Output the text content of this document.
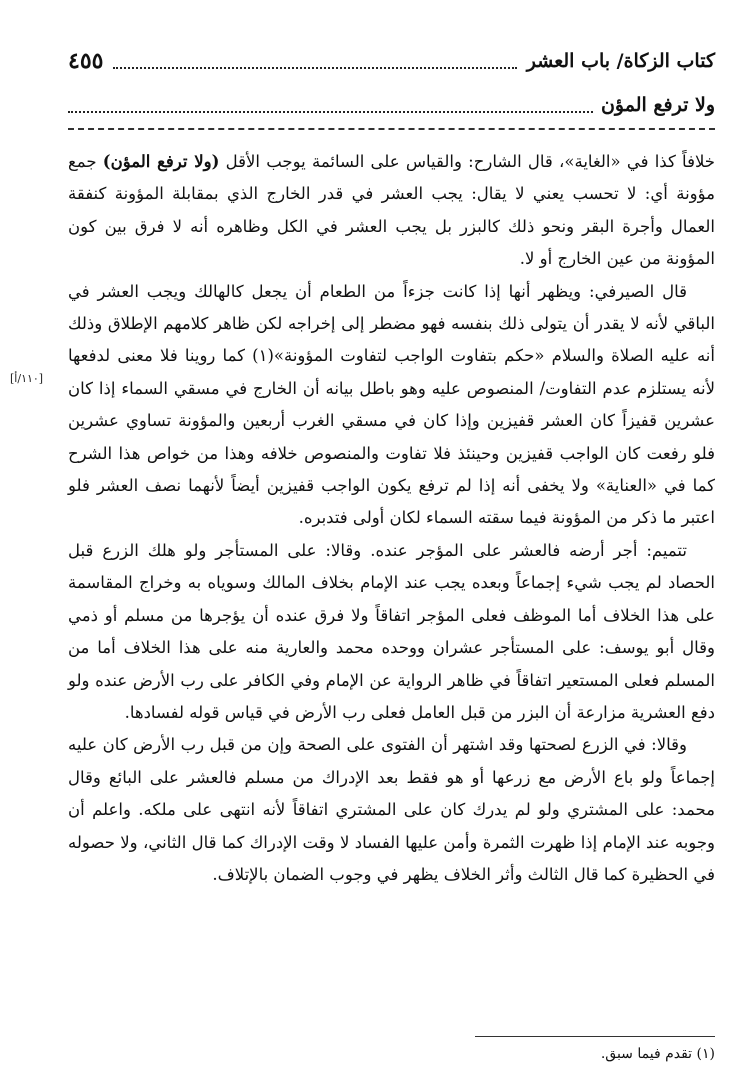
كتاب الزكاة/ باب العشر
٤٥٥
ولا ترفع المؤن

خلافاً كذا في «الغاية»، قال الشارح: والقياس على السائمة يوجب الأقل (ولا ترفع المؤن) جمع مؤونة أي: لا تحسب يعني لا يقال: يجب العشر في قدر الخارج الذي بمقابلة المؤونة كنفقة العمال وأجرة البقر ونحو ذلك كالبزر بل يجب العشر في الكل وظاهره أنه لا فرق بين كون المؤونة من عين الخارج أو لا.

قال الصيرفي: ويظهر أنها إذا كانت جزءاً من الطعام أن يجعل كالهالك ويجب العشر في الباقي لأنه لا يقدر أن يتولى ذلك بنفسه فهو مضطر إلى إخراجه لكن ظاهر كلامهم الإطلاق وذلك أنه عليه الصلاة والسلام «حكم بتفاوت الواجب لتفاوت المؤونة»(١) كما روينا فلا معنى لدفعها لأنه يستلزم عدم التفاوت/ المنصوص عليه وهو باطل بيانه أن الخارج في مسقي السماء إذا كان عشرين قفيزاً كان العشر قفيزين وإذا كان في مسقي الغرب أربعين والمؤونة تساوي عشرين فلو رفعت كان الواجب قفيزين وحينئذ فلا تفاوت والمنصوص خلافه وهذا من خواص هذا الشرح كما في «العناية» ولا يخفى أنه إذا لم ترفع يكون الواجب قفيزين أيضاً لأنهما نصف العشر فلو اعتبر ما ذكر من المؤونة فيما سقته السماء لكان أولى فتدبره.

تتميم: أجر أرضه فالعشر على المؤجر عنده. وقالا: على المستأجر ولو هلك الزرع قبل الحصاد لم يجب شيء إجماعاً وبعده يجب عند الإمام بخلاف المالك وسوياه به وخراج المقاسمة على هذا الخلاف أما الموظف فعلى المؤجر اتفاقاً ولا فرق عنده أن يؤجرها من مسلم أو ذمي وقال أبو يوسف: على المستأجر عشران ووحده محمد والعارية منه على هذا الخلاف أما من المسلم فعلى المستعير اتفاقاً في ظاهر الرواية عن الإمام وفي الكافر على رب الأرض عنده ولو دفع العشرية مزارعة أن البزر من قبل العامل فعلى رب الأرض في قياس قوله لفسادها.

وقالا: في الزرع لصحتها وقد اشتهر أن الفتوى على الصحة وإن من قبل رب الأرض كان عليه إجماعاً ولو باع الأرض مع زرعها أو هو فقط بعد الإدراك من مسلم فالعشر على البائع وقال محمد: على المشتري ولو لم يدرك كان على المشتري اتفاقاً لأنه انتهى على ملكه. واعلم أن وجوبه عند الإمام إذا ظهرت الثمرة وأمن عليها الفساد لا وقت الإدراك كما قال الثاني، ولا حصوله في الحظيرة كما قال الثالث وأثر الخلاف يظهر في وجوب الضمان بالإتلاف.

[١١٠/أ]
(١) تقدم فيما سبق.
